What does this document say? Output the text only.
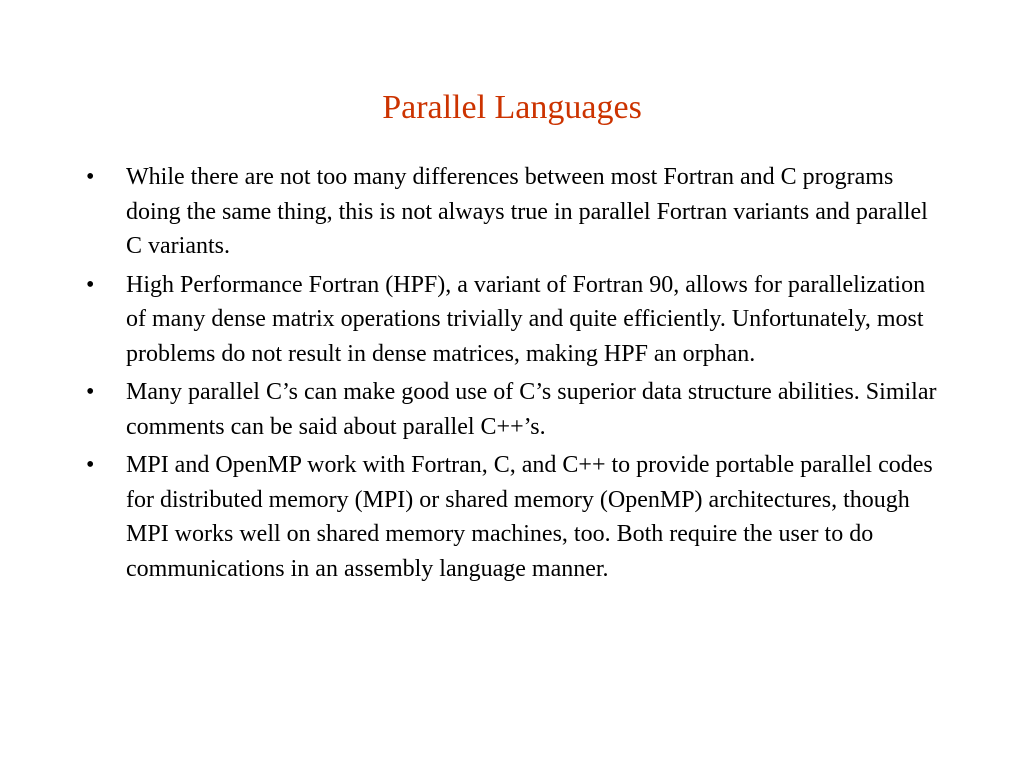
Parallel Languages
•	While there are not too many differences between most Fortran and C programs doing the same thing, this is not always true in parallel Fortran variants and parallel C variants.
•	High Performance Fortran (HPF), a variant of Fortran 90, allows for parallelization of many dense matrix operations trivially and quite efficiently. Unfortunately, most problems do not result in dense matrices, making HPF an orphan.
•	Many parallel C’s can make good use of C’s superior data structure abilities. Similar comments can be said about parallel C++’s.
•	MPI and OpenMP work with Fortran, C, and C++ to provide portable parallel codes for distributed memory (MPI) or shared memory (OpenMP) architectures, though MPI works well on shared memory machines, too. Both require the user to do communications in an assembly language manner.
